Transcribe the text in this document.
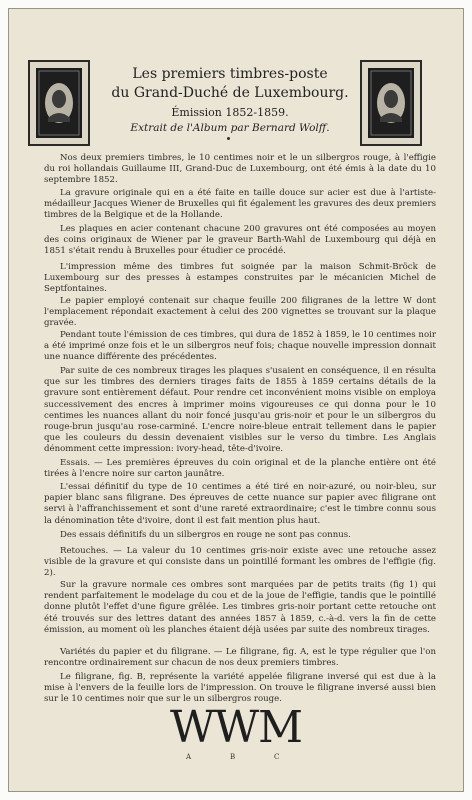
Les premiers timbres-poste
du Grand-Duché de Luxembourg.
Émission 1852-1859.
Extrait de l'Album par Bernard Wolff.

Nos deux premiers timbres, le 10 centimes noir et le un silbergros rouge, à l'effigie du roi hollandais Guillaume III, Grand-Duc de Luxembourg, ont été émis à la date du 10 septembre 1852.

La gravure originale qui en a été faite en taille douce sur acier est due à l'artiste-médailleur Jacques Wiener de Bruxelles qui fit également les gravures des deux premiers timbres de la Belgique et de la Hollande.

Les plaques en acier contenant chacune 200 gravures ont été composées au moyen des coins originaux de Wiener par le graveur Barth-Wahl de Luxembourg qui déjà en 1851 s'était rendu à Bruxelles pour étudier ce procédé.

L'impression même des timbres fut soignée par la maison Schmit-Bröck de Luxembourg sur des presses à estampes construites par le mécanicien Michel de Septfontaines.

Le papier employé contenait sur chaque feuille 200 filigranes de la lettre W dont l'emplacement répondait exactement à celui des 200 vignettes se trouvant sur la plaque gravée.

Pendant toute l'émission de ces timbres, qui dura de 1852 à 1859, le 10 centimes noir a été imprimé onze fois et le un silbergros neuf fois; chaque nouvelle impression donnait une nuance différente des précédentes.

Par suite de ces nombreux tirages les plaques s'usaient en conséquence, il en résulta que sur les timbres des derniers tirages faits de 1855 à 1859 certains détails de la gravure sont entièrement défaut. Pour rendre cet inconvénient moins visible on employa successivement des encres à imprimer moins vigoureuses ce qui donna pour le 10 centimes les nuances allant du noir foncé jusqu'au gris-noir et pour le un silbergros du rouge-brun jusqu'au rose-carminé. L'encre noire-bleue entrait tellement dans le papier que les couleurs du dessin devenaient visibles sur le verso du timbre. Les Anglais dénomment cette impression: ivory-head, tête-d'ivoire.

Essais. — Les premières épreuves du coin original et de la planche entière ont été tirées à l'encre noire sur carton jaunâtre.

L'essai définitif du type de 10 centimes a été tiré en noir-azuré, ou noir-bleu, sur papier blanc sans filigrane. Des épreuves de cette nuance sur papier avec filigrane ont servi à l'affranchissement et sont d'une rareté extraordinaire; c'est le timbre connu sous la dénomination tête d'ivoire, dont il est fait mention plus haut.

Des essais définitifs du un silbergros en rouge ne sont pas connus.

Retouches. — La valeur du 10 centimes gris-noir existe avec une retouche assez visible de la gravure et qui consiste dans un pointillé formant les ombres de l'effigie (fig. 2).

Sur la gravure normale ces ombres sont marquées par de petits traits (fig 1) qui rendent parfaitement le modelage du cou et de la joue de l'effigie, tandis que le pointillé donne plutôt l'effet d'une figure grêlée. Les timbres gris-noir portant cette retouche ont été trouvés sur des lettres datant des années 1857 à 1859, c.-à-d. vers la fin de cette émission, au moment où les planches étaient déjà usées par suite des nombreux tirages.

Variétés du papier et du filigrane. — Le filigrane, fig. A, est le type régulier que l'on rencontre ordinairement sur chacun de nos deux premiers timbres.

Le filigrane, fig. B, représente la variété appelée filigrane inversé qui est due à la mise à l'envers de la feuille lors de l'impression. On trouve le filigrane inversé aussi bien sur le 10 centimes noir que sur le un silbergros rouge.

W
W
M
A	B	C
